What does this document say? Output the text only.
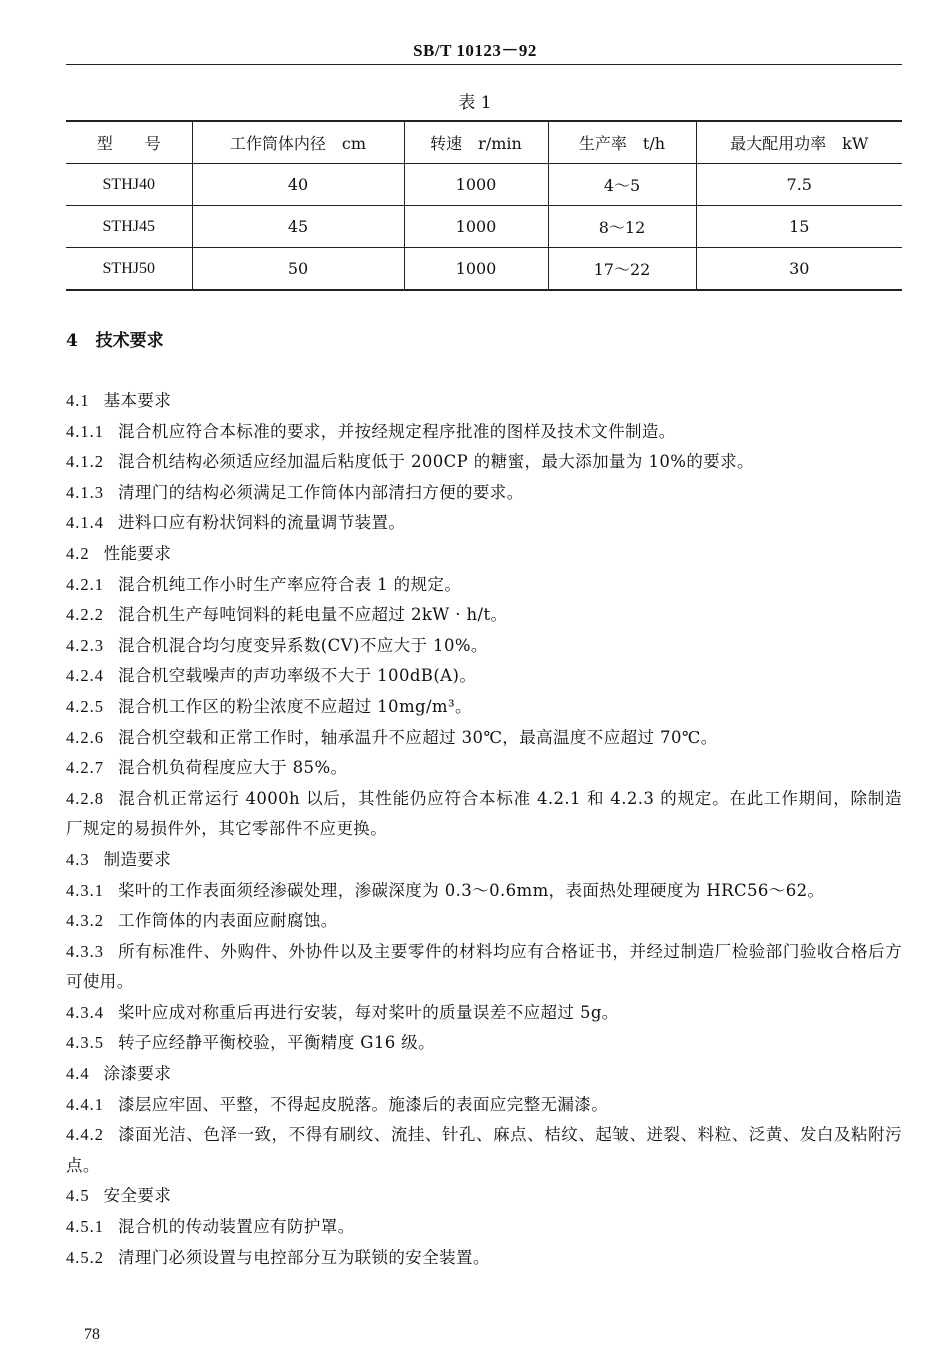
SB/T 10123－92
表 1
型　　号	工作筒体内径　cm	转速　r/min	生产率　t/h	最大配用功率　kW
STHJ40	40	1000	4～5	7.5
STHJ45	45	1000	8～12	15
STHJ50	50	1000	17～22	30
4 技术要求

4.1 基本要求

4.1.1 混合机应符合本标准的要求，并按经规定程序批准的图样及技术文件制造。

4.1.2 混合机结构必须适应经加温后粘度低于 200CP 的糖蜜，最大添加量为 10%的要求。

4.1.3 清理门的结构必须满足工作筒体内部清扫方便的要求。

4.1.4 进料口应有粉状饲料的流量调节装置。

4.2 性能要求

4.2.1 混合机纯工作小时生产率应符合表 1 的规定。

4.2.2 混合机生产每吨饲料的耗电量不应超过 2kW · h/t。

4.2.3 混合机混合均匀度变异系数(CV)不应大于 10%。

4.2.4 混合机空载噪声的声功率级不大于 100dB(A)。

4.2.5 混合机工作区的粉尘浓度不应超过 10mg/m³。

4.2.6 混合机空载和正常工作时，轴承温升不应超过 30℃，最高温度不应超过 70℃。

4.2.7 混合机负荷程度应大于 85%。

4.2.8 混合机正常运行 4000h 以后，其性能仍应符合本标准 4.2.1 和 4.2.3 的规定。在此工作期间，除制造厂规定的易损件外，其它零部件不应更换。

4.3 制造要求

4.3.1 桨叶的工作表面须经渗碳处理，渗碳深度为 0.3～0.6mm，表面热处理硬度为 HRC56～62。

4.3.2 工作筒体的内表面应耐腐蚀。

4.3.3 所有标准件、外购件、外协件以及主要零件的材料均应有合格证书，并经过制造厂检验部门验收合格后方可使用。

4.3.4 桨叶应成对称重后再进行安装，每对桨叶的质量误差不应超过 5g。

4.3.5 转子应经静平衡校验，平衡精度 G16 级。

4.4 涂漆要求

4.4.1 漆层应牢固、平整，不得起皮脱落。施漆后的表面应完整无漏漆。

4.4.2 漆面光洁、色泽一致，不得有刷纹、流挂、针孔、麻点、桔纹、起皱、迸裂、料粒、泛黄、发白及粘附污点。

4.5 安全要求

4.5.1 混合机的传动装置应有防护罩。

4.5.2 清理门必须设置与电控部分互为联锁的安全装置。

78
